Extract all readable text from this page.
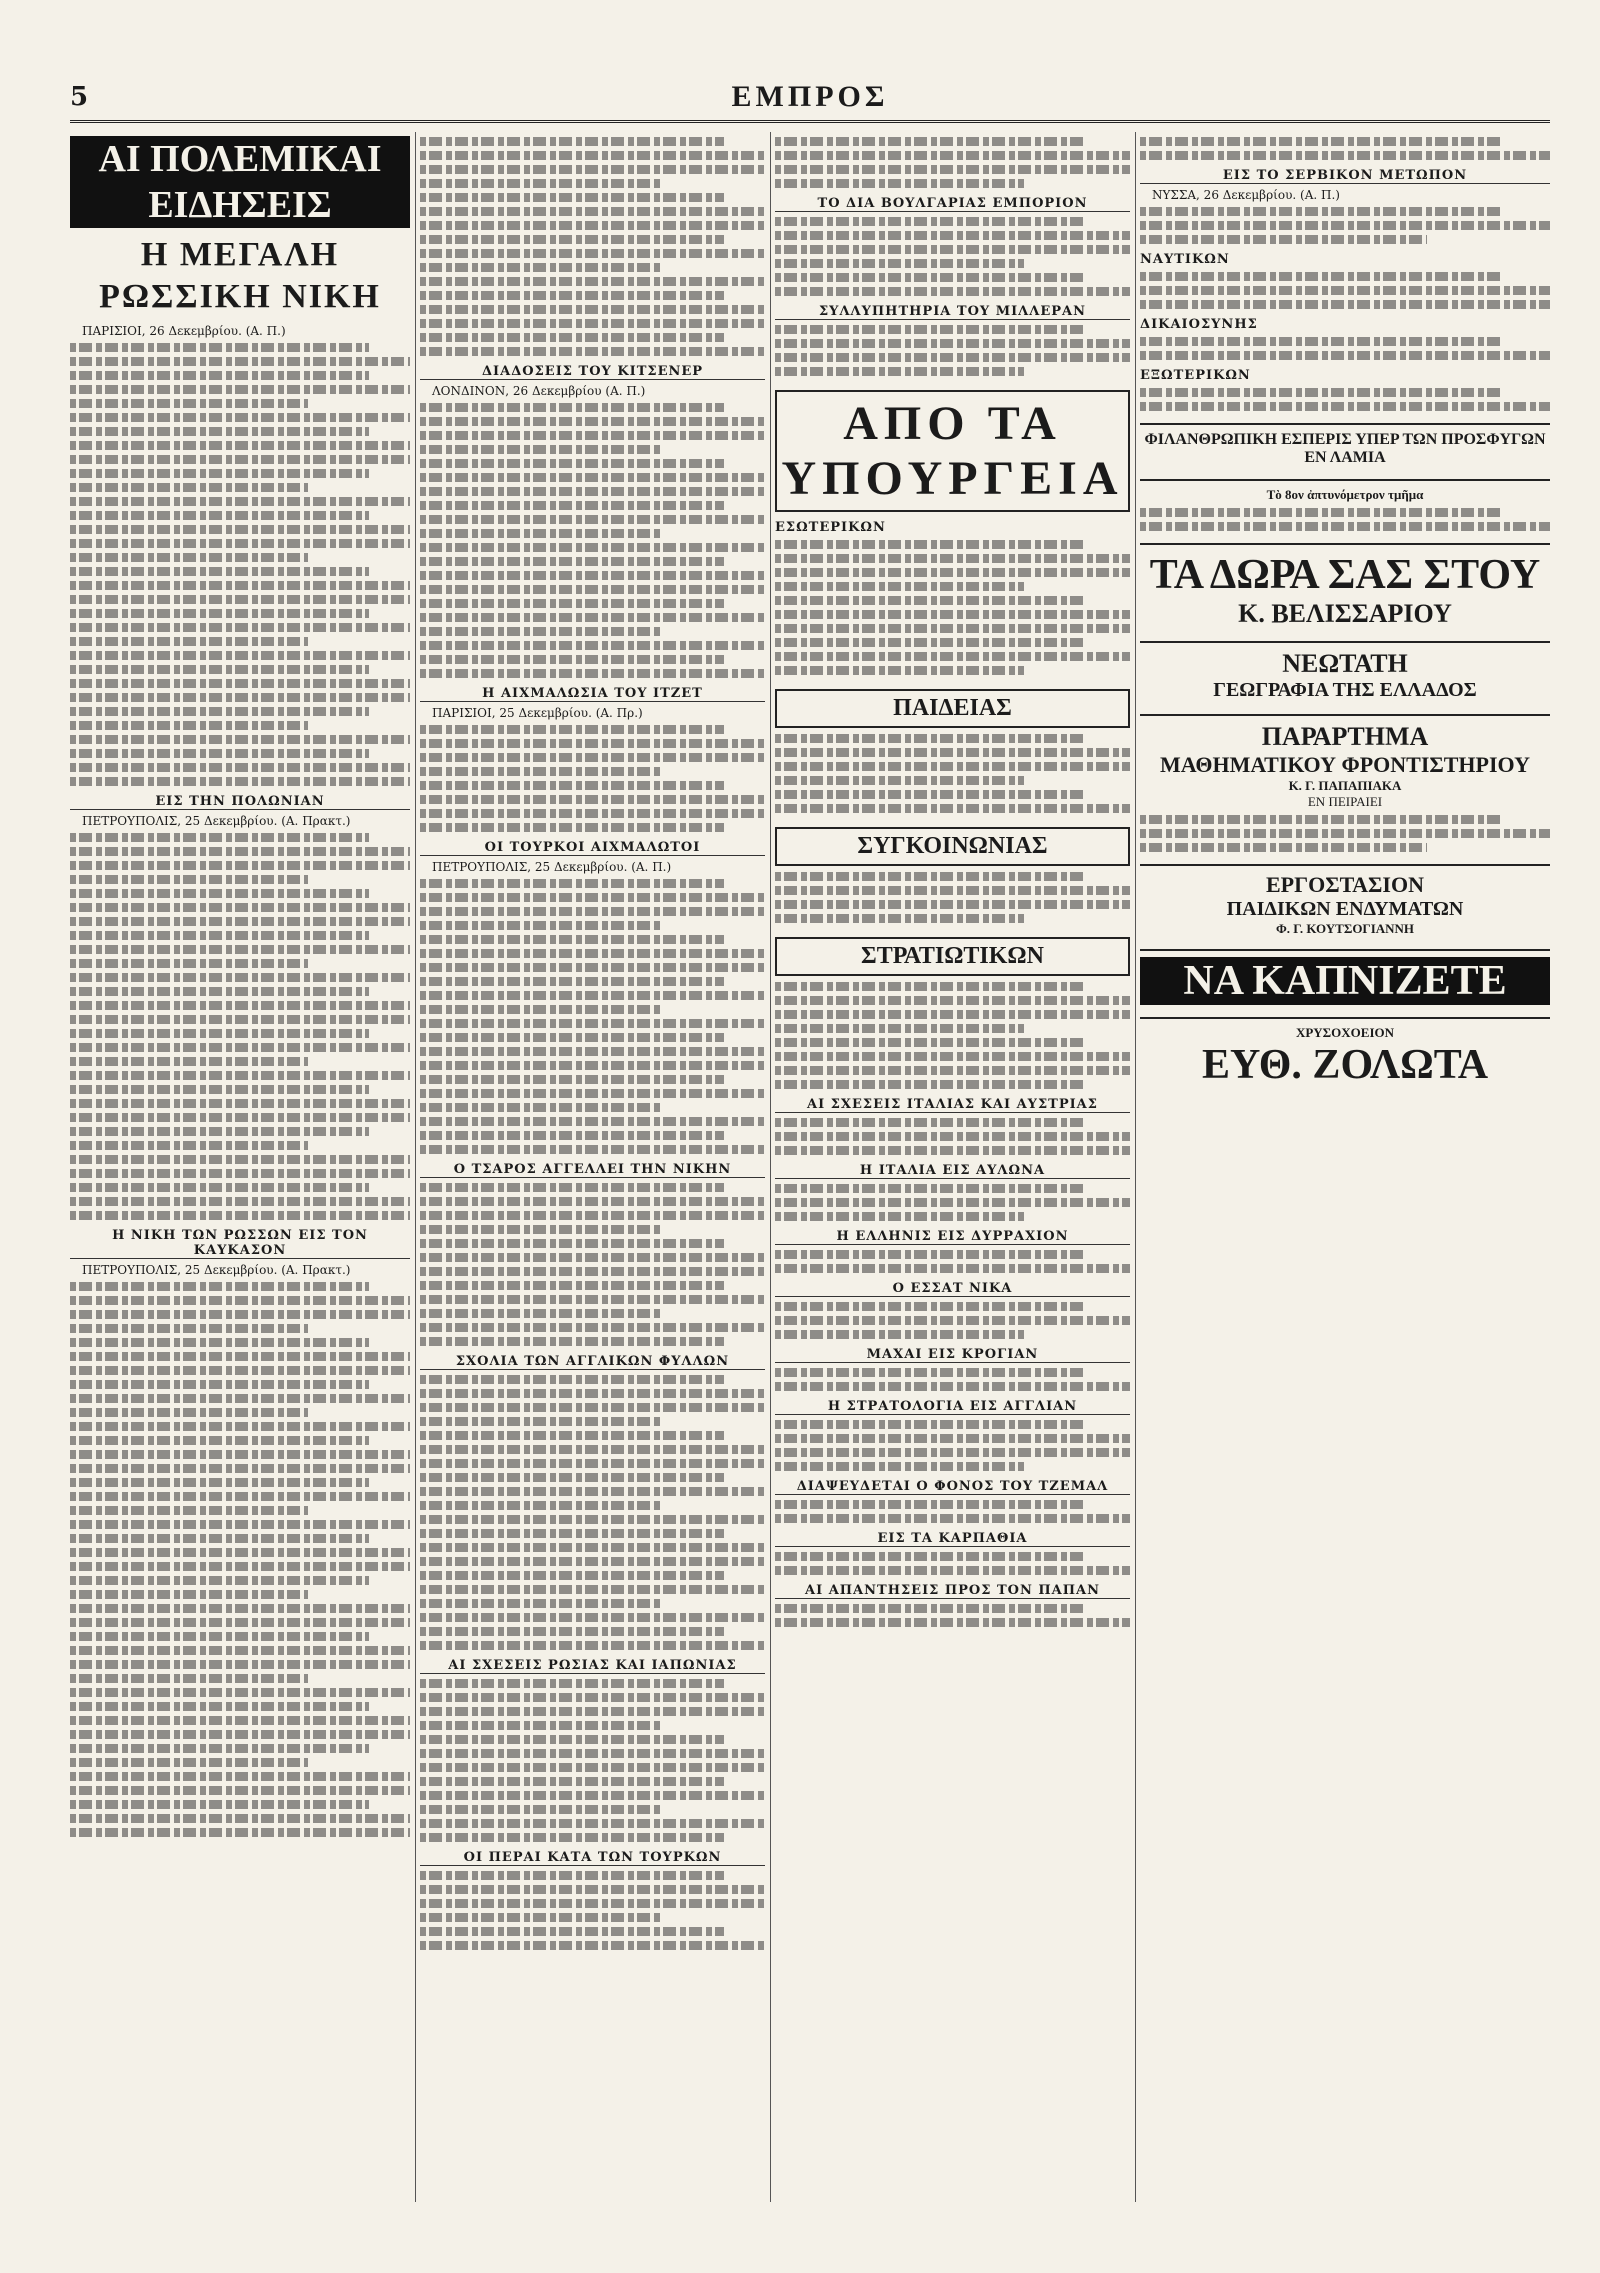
5	ΕΜΠΡΟΣ
ΑΙ ΠΟΛΕΜΙΚΑΙ ΕΙΔΗΣΕΙΣ
Η ΜΕΓΑΛΗ ΡΩΣΣΙΚΗ ΝΙΚΗ
ΠΑΡΙΣΙΟΙ, 26 Δεκεμβρίου. (Α. Π.)
ΕΙΣ ΤΗΝ ΠΟΛΩΝΙΑΝ
ΠΕΤΡΟΥΠΟΛΙΣ, 25 Δεκεμβρίου. (Α. Πρακτ.)
Η ΝΙΚΗ ΤΩΝ ΡΩΣΣΩΝ ΕΙΣ ΤΟΝ ΚΑΥΚΑΣΟΝ
ΠΕΤΡΟΥΠΟΛΙΣ, 25 Δεκεμβρίου. (Α. Πρακτ.)
ΔΙΑΔΟΣΕΙΣ ΤΟΥ ΚΙΤΣΕΝΕΡ
ΛΟΝΔΙΝΟΝ, 26 Δεκεμβρίου (Α. Π.)
Η ΑΙΧΜΑΛΩΣΙΑ ΤΟΥ ΙΤΖΕΤ
ΠΑΡΙΣΙΟΙ, 25 Δεκεμβρίου. (Α. Πρ.)
ΟΙ ΤΟΥΡΚΟΙ ΑΙΧΜΑΛΩΤΟΙ
ΠΕΤΡΟΥΠΟΛΙΣ, 25 Δεκεμβρίου. (Α. Π.)
Ο ΤΣΑΡΟΣ ΑΓΓΕΛΛΕΙ ΤΗΝ ΝΙΚΗΝ
ΣΧΟΛΙΑ ΤΩΝ ΑΓΓΛΙΚΩΝ ΦΥΛΛΩΝ
ΑΙ ΣΧΕΣΕΙΣ ΡΩΣΙΑΣ ΚΑΙ ΙΑΠΩΝΙΑΣ
ΟΙ ΠΕΡΑΙ ΚΑΤΑ ΤΩΝ ΤΟΥΡΚΩΝ
ΤΟ ΔΙΑ ΒΟΥΛΓΑΡΙΑΣ ΕΜΠΟΡΙΟΝ
ΣΥΛΛΥΠΗΤΗΡΙΑ ΤΟΥ ΜΙΛΛΕΡΑΝ
ΑΠΟ ΤΑ ΥΠΟΥΡΓΕΙΑ
ΕΣΩΤΕΡΙΚΩΝ
ΠΑΙΔΕΙΑΣ
ΣΥΓΚΟΙΝΩΝΙΑΣ
ΣΤΡΑΤΙΩΤΙΚΩΝ
ΑΙ ΣΧΕΣΕΙΣ ΙΤΑΛΙΑΣ ΚΑΙ ΑΥΣΤΡΙΑΣ
Η ΙΤΑΛΙΑ ΕΙΣ ΑΥΛΩΝΑ
Η ΕΛΛΗΝΙΣ ΕΙΣ ΔΥΡΡΑΧΙΟΝ
Ο ΕΣΣΑΤ ΝΙΚΑ
ΜΑΧΑΙ ΕΙΣ ΚΡΟΓΙΑΝ
Η ΣΤΡΑΤΟΛΟΓΙΑ ΕΙΣ ΑΓΓΛΙΑΝ
ΔΙΑΨΕΥΔΕΤΑΙ Ο ΦΟΝΟΣ ΤΟΥ ΤΖΕΜΑΛ
ΕΙΣ ΤΑ ΚΑΡΠΑΘΙΑ
ΑΙ ΑΠΑΝΤΗΣΕΙΣ ΠΡΟΣ ΤΟΝ ΠΑΠΑΝ
ΕΙΣ ΤΟ ΣΕΡΒΙΚΟΝ ΜΕΤΩΠΟΝ
ΝΥΣΣΑ, 26 Δεκεμβρίου. (Α. Π.)
ΝΑΥΤΙΚΩΝ
ΔΙΚΑΙΟΣΥΝΗΣ
ΕΞΩΤΕΡΙΚΩΝ
ΦΙΛΑΝΘΡΩΠΙΚΗ ΕΣΠΕΡΙΣ ΥΠΕΡ ΤΩΝ ΠΡΟΣΦΥΓΩΝ ΕΝ ΛΑΜΙΑ
Τὸ 8ον ἀπτυνόμετρον τμῆμα
ΤΑ ΔΩΡΑ ΣΑΣ ΣΤΟΥ
Κ. ΒΕΛΙΣΣΑΡΙΟΥ
ΝΕΩΤΑΤΗ
ΓΕΩΓΡΑΦΙΑ ΤΗΣ ΕΛΛΑΔΟΣ
ΠΑΡΑΡΤΗΜΑ
ΜΑΘΗΜΑΤΙΚΟΥ ΦΡΟΝΤΙΣΤΗΡΙΟΥ
Κ. Γ. ΠΑΠΑΠΙΑΚΑ
ΕΝ ΠΕΙΡΑΙΕΙ
ΕΡΓΟΣΤΑΣΙΟΝ
ΠΑΙΔΙΚΩΝ ΕΝΔΥΜΑΤΩΝ
Φ. Γ. ΚΟΥΤΣΟΓΙΑΝΝΗ
ΝΑ ΚΑΠΝΙΖΕΤΕ
ΧΡΥΣΟΧΟΕΙΟΝ
ΕΥΘ. ΖΟΛΩΤΑ
